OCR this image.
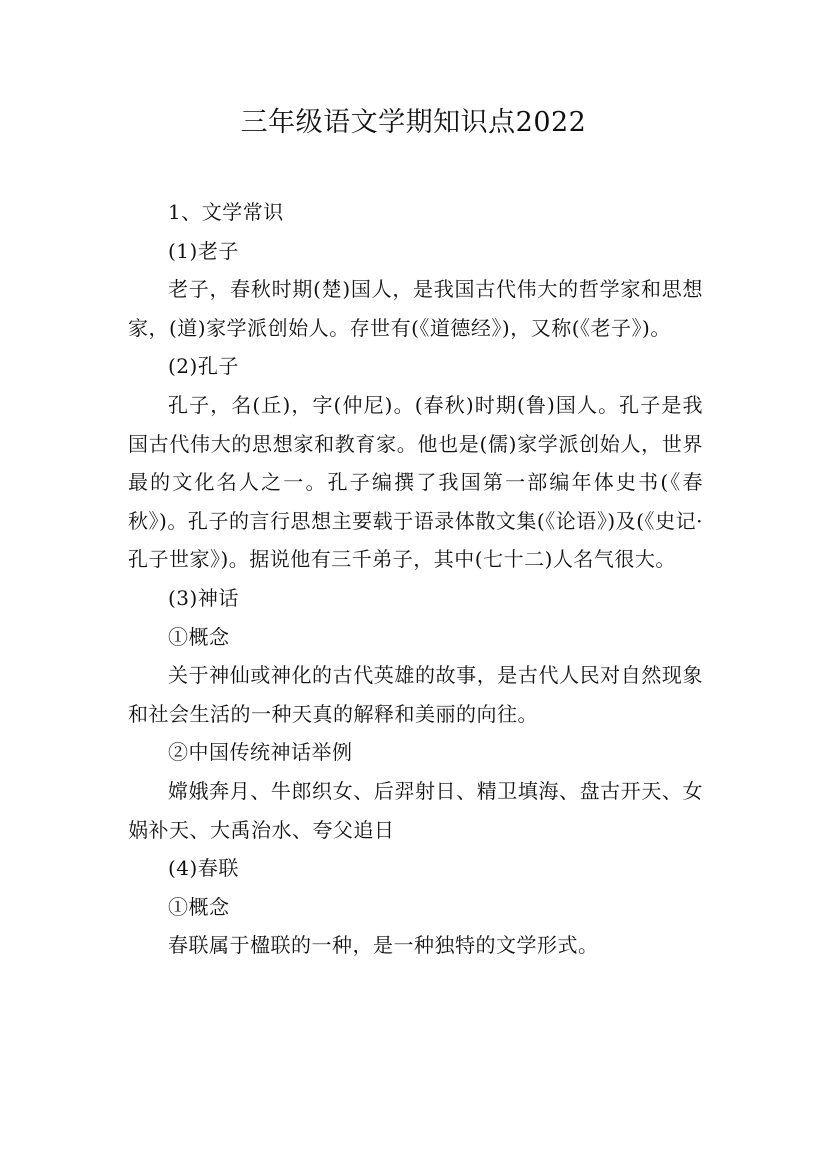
三年级语文学期知识点2022

1、文学常识

(1)老子

老子，春秋时期(楚)国人，是我国古代伟大的哲学家和思想家，(道)家学派创始人。存世有(《道德经》)，又称(《老子》)。

(2)孔子

孔子，名(丘)，字(仲尼)。(春秋)时期(鲁)国人。孔子是我国古代伟大的思想家和教育家。他也是(儒)家学派创始人，世界最的文化名人之一。孔子编撰了我国第一部编年体史书(《春秋》)。孔子的言行思想主要载于语录体散文集(《论语》)及(《史记·孔子世家》)。据说他有三千弟子，其中(七十二)人名气很大。

(3)神话

①概念

关于神仙或神化的古代英雄的故事，是古代人民对自然现象和社会生活的一种天真的解释和美丽的向往。

②中国传统神话举例

嫦娥奔月、牛郎织女、后羿射日、精卫填海、盘古开天、女娲补天、大禹治水、夸父追日

(4)春联

①概念

春联属于楹联的一种，是一种独特的文学形式。
